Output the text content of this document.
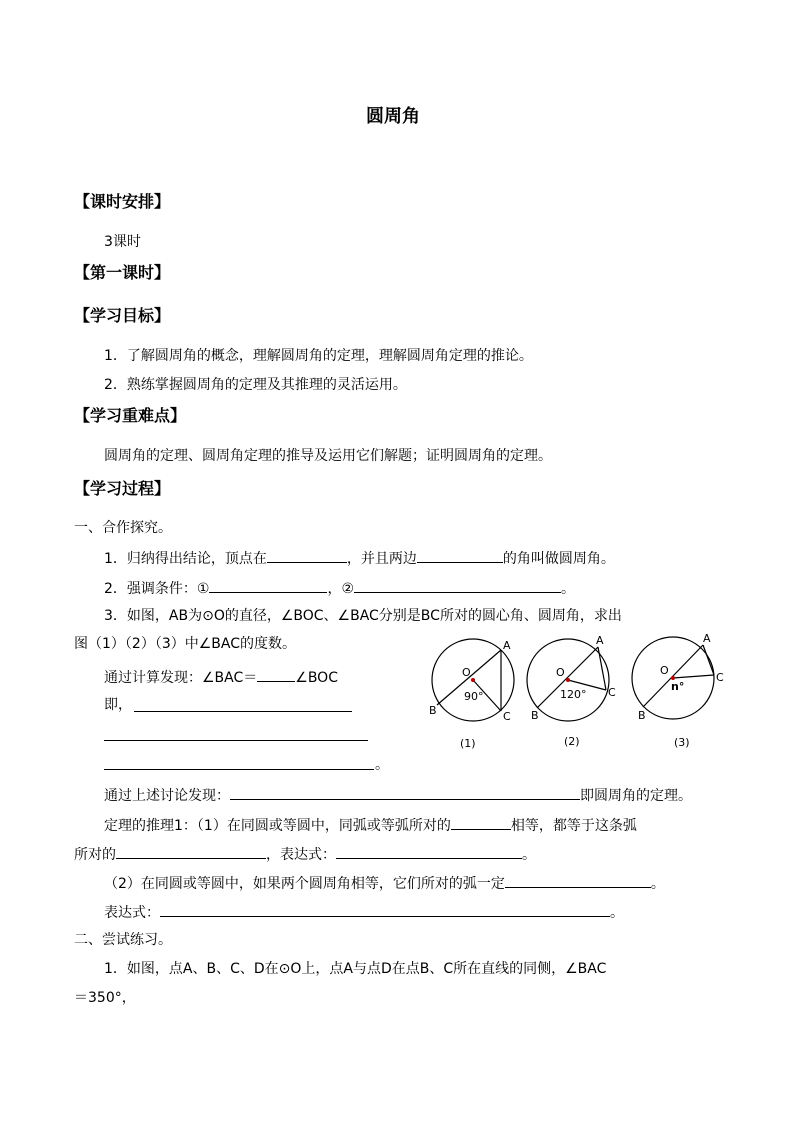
圆周角
【课时安排】
3课时
【第一课时】
【学习目标】
1．了解圆周角的概念，理解圆周角的定理，理解圆周角定理的推论。
2．熟练掌握圆周角的定理及其推理的灵活运用。
【学习重难点】
圆周角的定理、圆周角定理的推导及运用它们解题；证明圆周角的定理。
【学习过程】
一、合作探究。
1．归纳得出结论，顶点在	，并且两边	的角叫做圆周角。
2．强调条件：①	，②	。
3．如图，AB为⊙O的直径，∠BOC、∠BAC分别是BC所对的圆心角、圆周角，求出
图（1）（2）（3）中∠BAC的度数。
通过计算发现：∠BAC＝	∠BOC
即，
。
O
A
B	C
90°
(1)
O
A
B
C
120°
(2)
O
A
B
C
n°
(3)
通过上述讨论发现：	即圆周角的定理。
定理的推理1：（1）在同圆或等圆中，同弧或等弧所对的	相等，都等于这条弧
所对的	，表达式：	。
（2）在同圆或等圆中，如果两个圆周角相等，它们所对的弧一定	。
表达式：	。
二、尝试练习。
1．如图，点A、B、C、D在⊙O上，点A与点D在点B、C所在直线的同侧，∠BAC
＝350°，
